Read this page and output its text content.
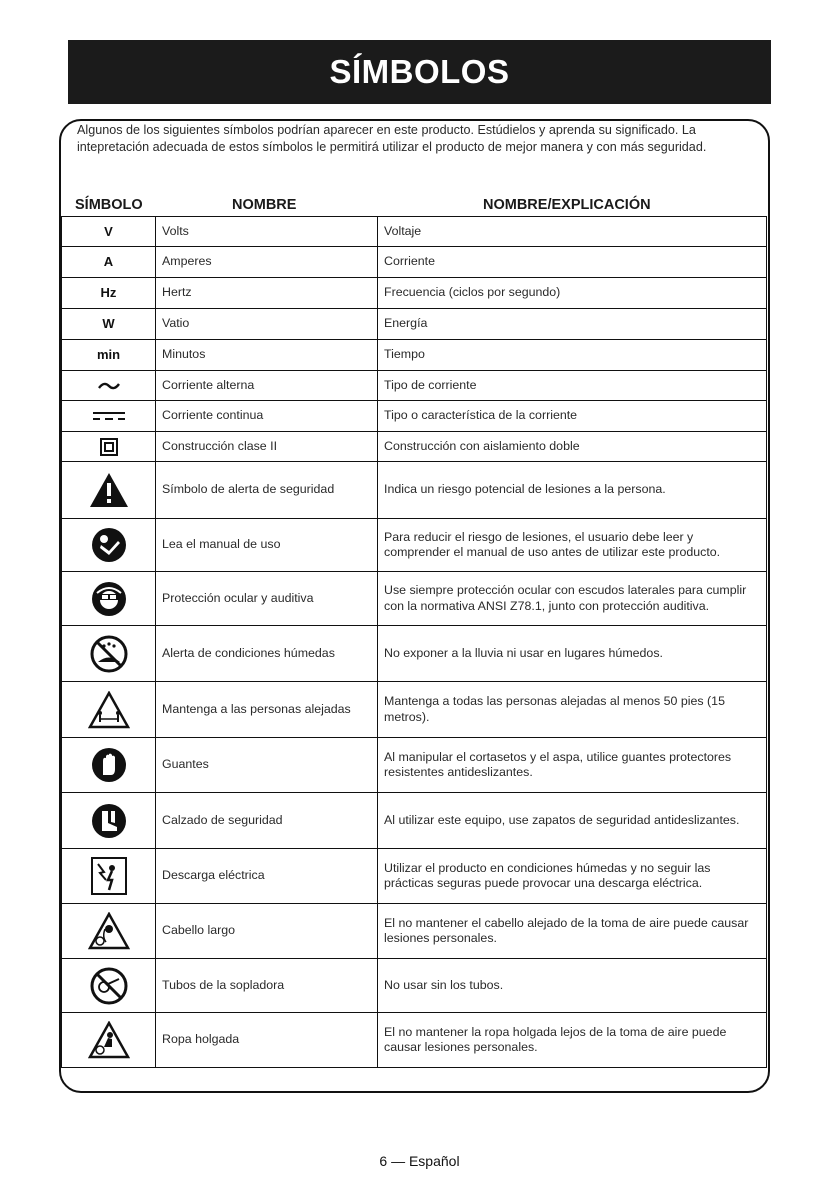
SÍMBOLOS
Algunos de los siguientes símbolos podrían aparecer en este producto. Estúdielos y aprenda su significado. La intepretación adecuada de estos símbolos le permitirá utilizar el producto de mejor manera y con más seguridad.
SÍMBOLO	NOMBRE	NOMBRE/EXPLICACIÓN
V	Volts	Voltaje
A	Amperes	Corriente
Hz	Hertz	Frecuencia (ciclos por segundo)
W	Vatio	Energía
min	Minutos	Tiempo

	Corriente alterna	Tipo de corriente

	Corriente continua	Tipo o característica de la corriente

	Construcción clase II	Construcción con aislamiento doble

	Símbolo de alerta de seguridad	Indica un riesgo potencial de lesiones a la persona.

	Lea el manual de uso	Para reducir el riesgo de lesiones, el usuario debe leer y comprender el manual de uso antes de utilizar este producto.

	Protección ocular y auditiva	Use siempre protección ocular con escudos laterales para cumplir con la normativa ANSI Z78.1, junto con protección auditiva.

	Alerta de condiciones húmedas	No exponer a la lluvia ni usar en lugares húmedos.

	Mantenga a las personas alejadas	Mantenga a todas las personas alejadas al menos 50 pies (15 metros).

	Guantes	Al manipular el cortasetos y el aspa, utilice guantes protectores resistentes antideslizantes.

	Calzado de seguridad	Al utilizar este equipo, use zapatos de seguridad antideslizantes.

	Descarga eléctrica	Utilizar el producto en condiciones húmedas y no seguir las prácticas seguras puede provocar una descarga eléctrica.

	Cabello largo	El no mantener el cabello alejado de la toma de aire puede causar lesiones personales.

	Tubos de la sopladora	No usar sin los tubos.

	Ropa holgada	El no mantener la ropa holgada lejos de la toma de aire puede causar lesiones personales.
6 — Español
